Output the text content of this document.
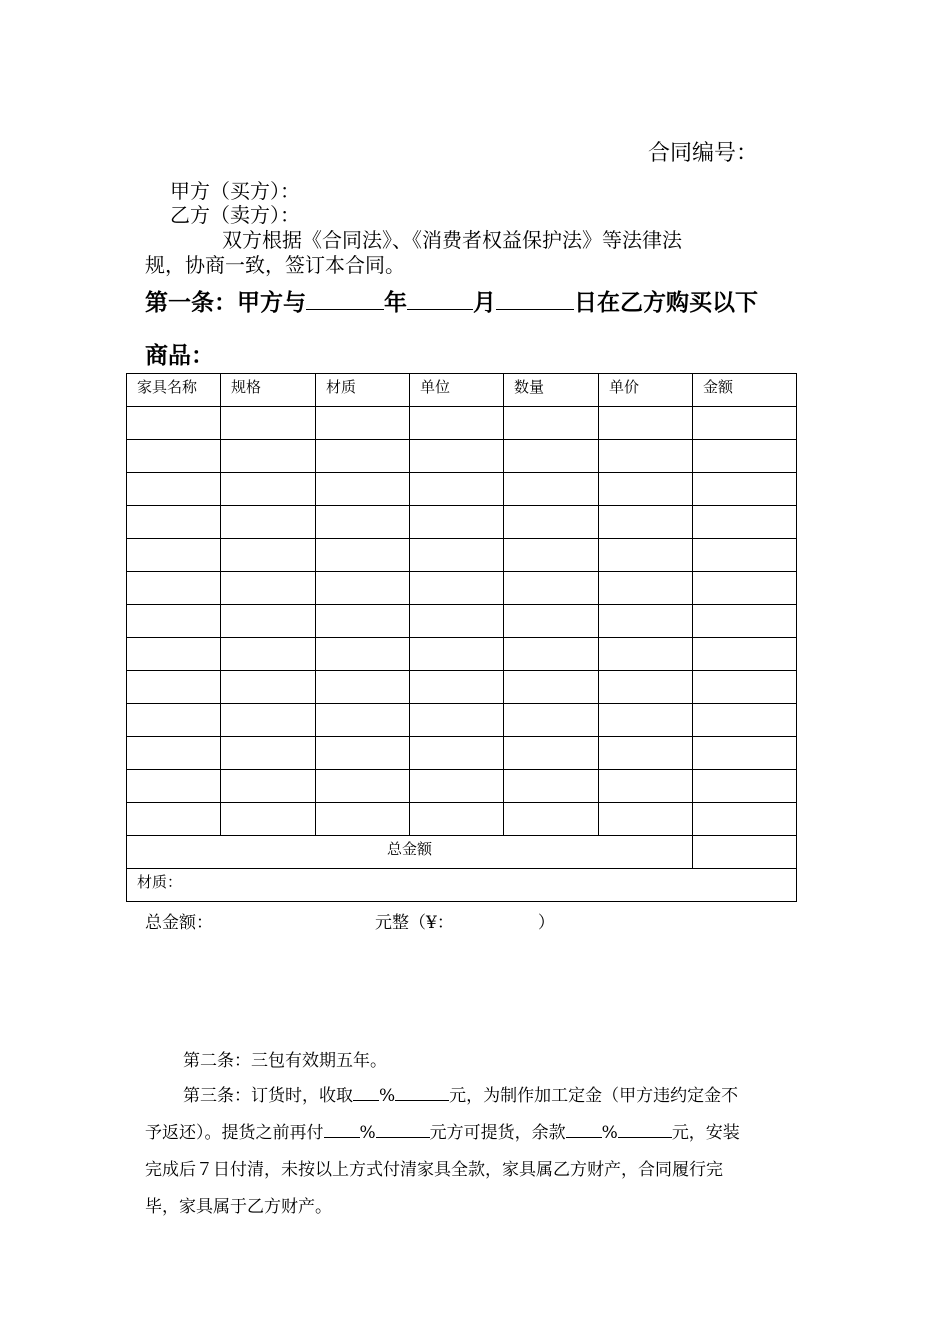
合同编号：
甲方（买方）：
乙方（卖方）：
双方根据《合同法》、《消费者权益保护法》等法律法
规，协商一致，签订本合同。
第一条：甲方与	年	月	日在乙方购买以下
商品：
家具名称	规格	材质	单位	数量	单价	金额

总金额						
材质：						
总金额：	元整（¥：	）
第二条：三包有效期五年。
第三条：订货时，收取 %	元，为制作加工定金（甲方违约定金不
予返还）。提货之前再付 %	元方可提货，余款 %	元，安装
完成后７日付清，未按以上方式付清家具全款，家具属乙方财产，合同履行完
毕，家具属于乙方财产。
